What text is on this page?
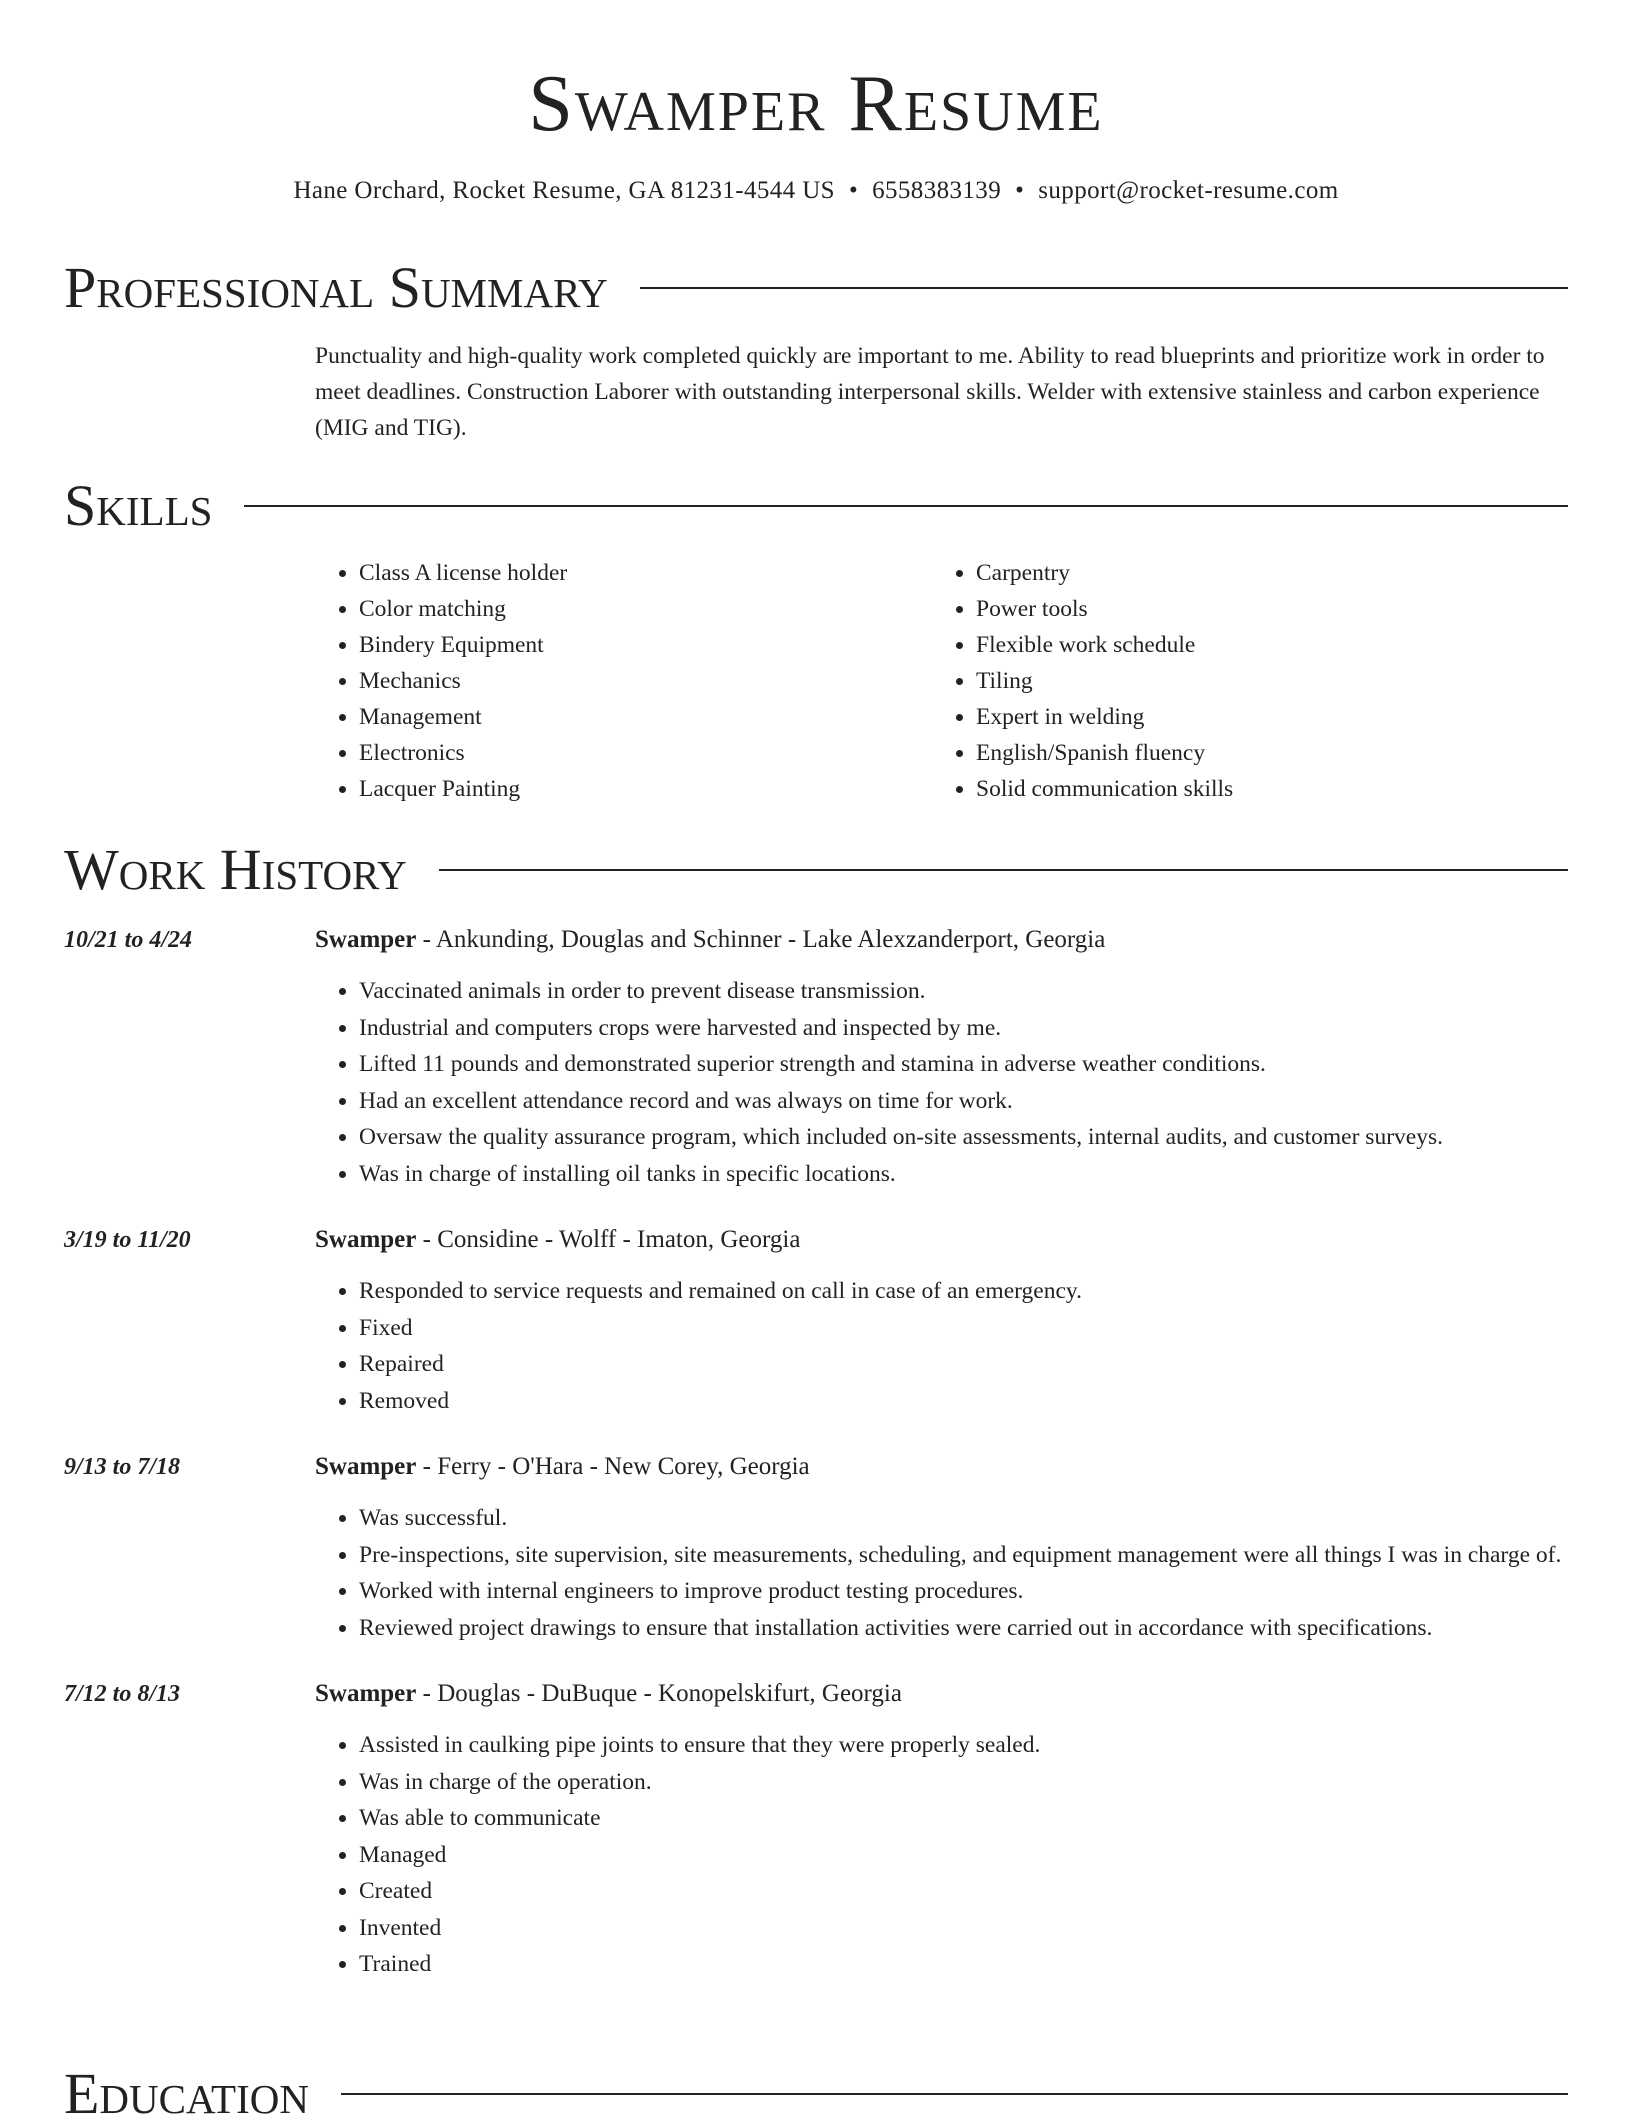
Swamper Resume
Hane Orchard, Rocket Resume, GA 81231-4544 US • 6558383139 • support@rocket-resume.com
Professional Summary

Punctuality and high-quality work completed quickly are important to me. Ability to read blueprints and prioritize work in order to meet deadlines. Construction Laborer with outstanding interpersonal skills. Welder with extensive stainless and carbon experience (MIG and TIG).

Skills
• Class A license holder
• Color matching
• Bindery Equipment
• Mechanics
• Management
• Electronics
• Lacquer Painting
• Carpentry
• Power tools
• Flexible work schedule
• Tiling
• Expert in welding
• English/Spanish fluency
• Solid communication skills
Work History
10/21 to 4/24	Swamper - Ankunding, Douglas and Schinner - Lake Alexzanderport, Georgia
• Vaccinated animals in order to prevent disease transmission.
• Industrial and computers crops were harvested and inspected by me.
• Lifted 11 pounds and demonstrated superior strength and stamina in adverse weather conditions.
• Had an excellent attendance record and was always on time for work.
• Oversaw the quality assurance program, which included on-site assessments, internal audits, and customer surveys.
• Was in charge of installing oil tanks in specific locations.
3/19 to 11/20	Swamper - Considine - Wolff - Imaton, Georgia
• Responded to service requests and remained on call in case of an emergency.
• Fixed
• Repaired
• Removed
9/13 to 7/18	Swamper - Ferry - O'Hara - New Corey, Georgia
• Was successful.
• Pre-inspections, site supervision, site measurements, scheduling, and equipment management were all things I was in charge of.
• Worked with internal engineers to improve product testing procedures.
• Reviewed project drawings to ensure that installation activities were carried out in accordance with specifications.
7/12 to 8/13	Swamper - Douglas - DuBuque - Konopelskifurt, Georgia
• Assisted in caulking pipe joints to ensure that they were properly sealed.
• Was in charge of the operation.
• Was able to communicate
• Managed
• Created
• Invented
• Trained
Education
